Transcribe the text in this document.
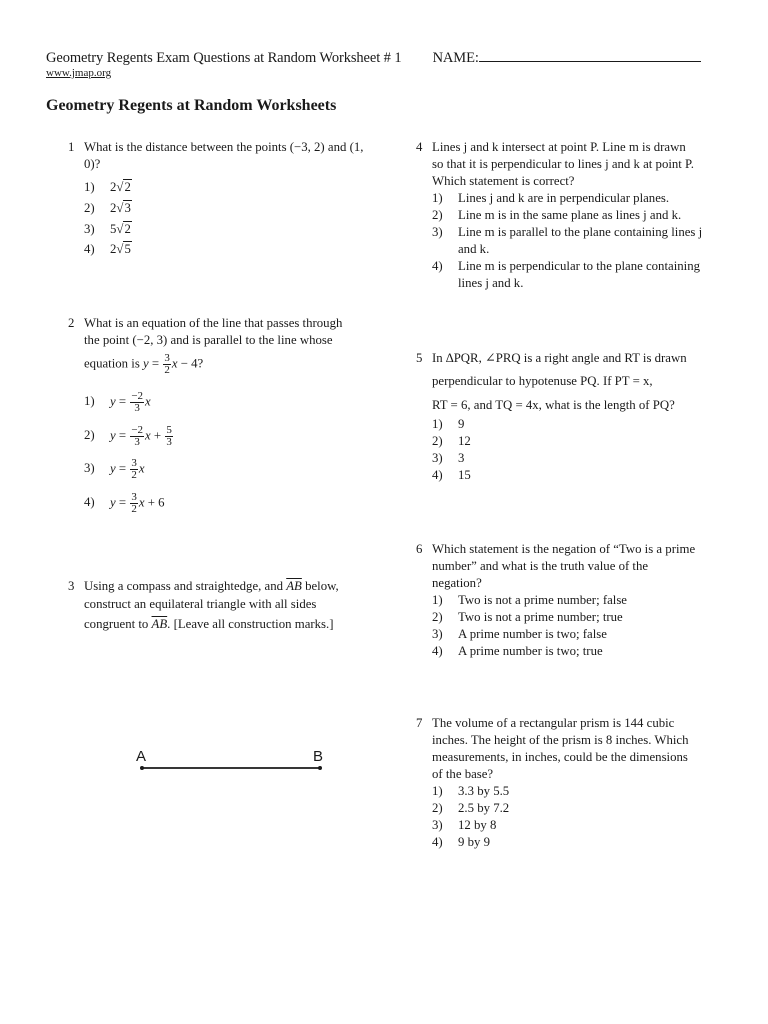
Geometry Regents Exam Questions at Random Worksheet # 1 NAME:
www.jmap.org
Geometry Regents at Random Worksheets
1 What is the distance between the points (−3, 2) and (1, 0)?
1) 2√2
2) 2√3
3) 5√2
4) 2√5
2 What is an equation of the line that passes through
the point (−2, 3) and is parallel to the line whose
equation is $y = \frac{3}{2}$ x − 4?
1) $y = \frac{-2}{3}$ x
2) $y = \frac{-2}{3}$ $x + \frac{5}{3}$
3) $y = \frac{3}{2}$ x
4) $y = \frac{3}{2}$ x + 6
3 Using a compass and straightedge, and $\overline{AB}$ below,
construct an equilateral triangle with all sides
congruent to $\overline{AB}$. [Leave all construction marks.]
A	B
4 Lines j and k intersect at point P. Line m is drawn
so that it is perpendicular to lines j and k at point P.
Which statement is correct?
1) Lines j and k are in perpendicular planes.
2) Line m is in the same plane as lines j and k.
3) Line m is parallel to the plane containing lines j
and k.
4) Line m is perpendicular to the plane containing
lines j and k.
5 In ∆PQR, ∠PRQ is a right angle and RT is drawn
perpendicular to hypotenuse PQ. If PT = x,
RT = 6, and TQ = 4x, what is the length of PQ?
1) 9
2) 12
3) 3
4) 15
6 Which statement is the negation of “Two is a prime
number” and what is the truth value of the
negation?
1) Two is not a prime number; false
2) Two is not a prime number; true
3) A prime number is two; false
4) A prime number is two; true
7 The volume of a rectangular prism is 144 cubic
inches. The height of the prism is 8 inches. Which
measurements, in inches, could be the dimensions
of the base?
1) 3.3 by 5.5
2) 2.5 by 7.2
3) 12 by 8
4) 9 by 9
